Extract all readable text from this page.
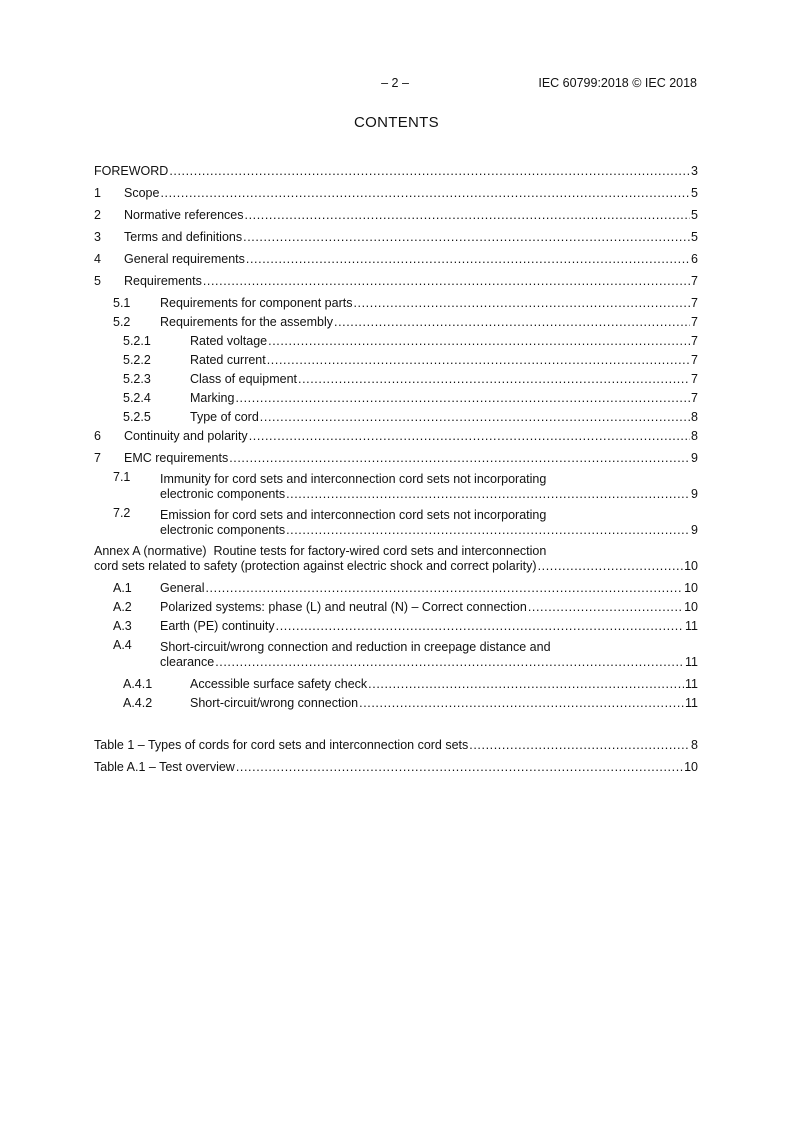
– 2 –	IEC 60799:2018 © IEC 2018
CONTENTS
FOREWORD .....	3
1	Scope .....	5
2	Normative references .....	5
3	Terms and definitions .....	5
4	General requirements .....	6
5	Requirements .....	7
5.1	Requirements for component parts .....	7
5.2	Requirements for the assembly .....	7
5.2.1	Rated voltage .....	7
5.2.2	Rated current .....	7
5.2.3	Class of equipment .....	7
5.2.4	Marking .....	7
5.2.5	Type of cord .....	8
6	Continuity and polarity .....	8
7	EMC requirements .....	9
7.1	Immunity for cord sets and interconnection cord sets not incorporating
electronic components .....	9
7.2	Emission for cord sets and interconnection cord sets not incorporating
electronic components .....	9
Annex A (normative)  Routine tests for factory-wired cord sets and interconnection
cord sets related to safety (protection against electric shock and correct polarity) .....	10
A.1	General .....	10
A.2	Polarized systems: phase (L) and neutral (N) – Correct connection .....	10
A.3	Earth (PE) continuity .....	11
A.4	Short-circuit/wrong connection and reduction in creepage distance and
clearance .....	11
A.4.1	Accessible surface safety check .....	11
A.4.2	Short-circuit/wrong connection .....	11
Table 1 – Types of cords for cord sets and interconnection cord sets .....	8
Table A.1 – Test overview .....	10
